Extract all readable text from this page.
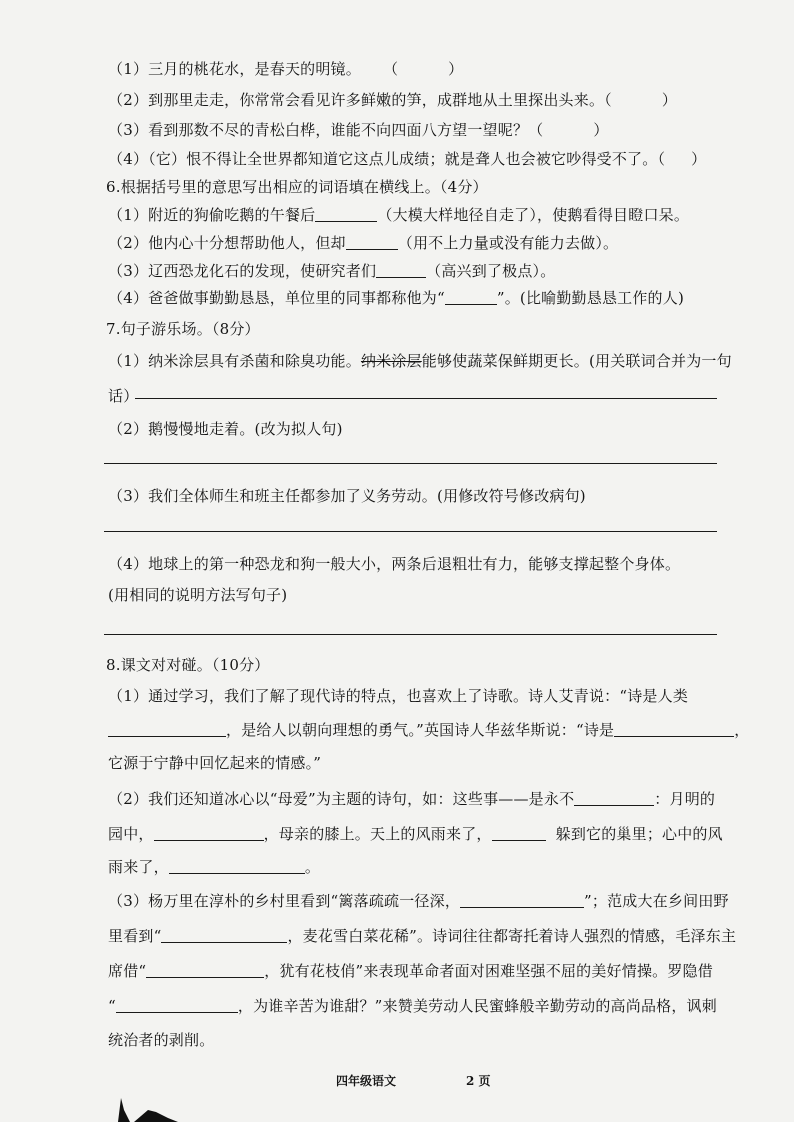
（1）三月的桃花水，是春天的明镜。 （	）
（2）到那里走走，你常常会看见许多鲜嫩的笋，成群地从土里探出头来。（	）
（3）看到那数不尽的青松白桦，谁能不向四面八方望一望呢？（	）
（4）（它）恨不得让全世界都知道它这点儿成绩；就是聋人也会被它吵得受不了。（ ）
6.根据括号里的意思写出相应的词语填在横线上。（4分）
（1）附近的狗偷吃鹅的午餐后	（大模大样地径自走了），使鹅看得目瞪口呆。
（2）他内心十分想帮助他人，但却	（用不上力量或没有能力去做）。
（3）辽西恐龙化石的发现，使研究者们	（高兴到了极点）。
（4）爸爸做事勤勤恳恳，单位里的同事都称他为“	”。(比喻勤勤恳恳工作的人)
7.句子游乐场。（8分）
（1）纳米涂层具有杀菌和除臭功能。纳米涂层能够使蔬菜保鲜期更长。(用关联词合并为一句
话）
（2）鹅慢慢地走着。(改为拟人句)
（3）我们全体师生和班主任都参加了义务劳动。(用修改符号修改病句)
（4）地球上的第一种恐龙和狗一般大小，两条后退粗壮有力，能够支撑起整个身体。
(用相同的说明方法写句子)
8.课文对对碰。（10分）
（1）通过学习，我们了解了现代诗的特点，也喜欢上了诗歌。诗人艾青说：“诗是人类
，是给人以朝向理想的勇气。”英国诗人华兹华斯说：“诗是	，
它源于宁静中回忆起来的情感。”
（2）我们还知道冰心以“母爱”为主题的诗句，如：这些事——是永不	：月明的
园中，	，母亲的膝上。天上的风雨来了，	躲到它的巢里；心中的风
雨来了，	。
（3）杨万里在淳朴的乡村里看到“篱落疏疏一径深，	”；范成大在乡间田野
里看到“	，麦花雪白菜花稀”。诗词往往都寄托着诗人强烈的情感，毛泽东主
席借“	，犹有花枝俏”来表现革命者面对困难坚强不屈的美好情操。罗隐借
“	，为谁辛苦为谁甜？”来赞美劳动人民蜜蜂般辛勤劳动的高尚品格，讽刺
统治者的剥削。
四年级语文	2 页
